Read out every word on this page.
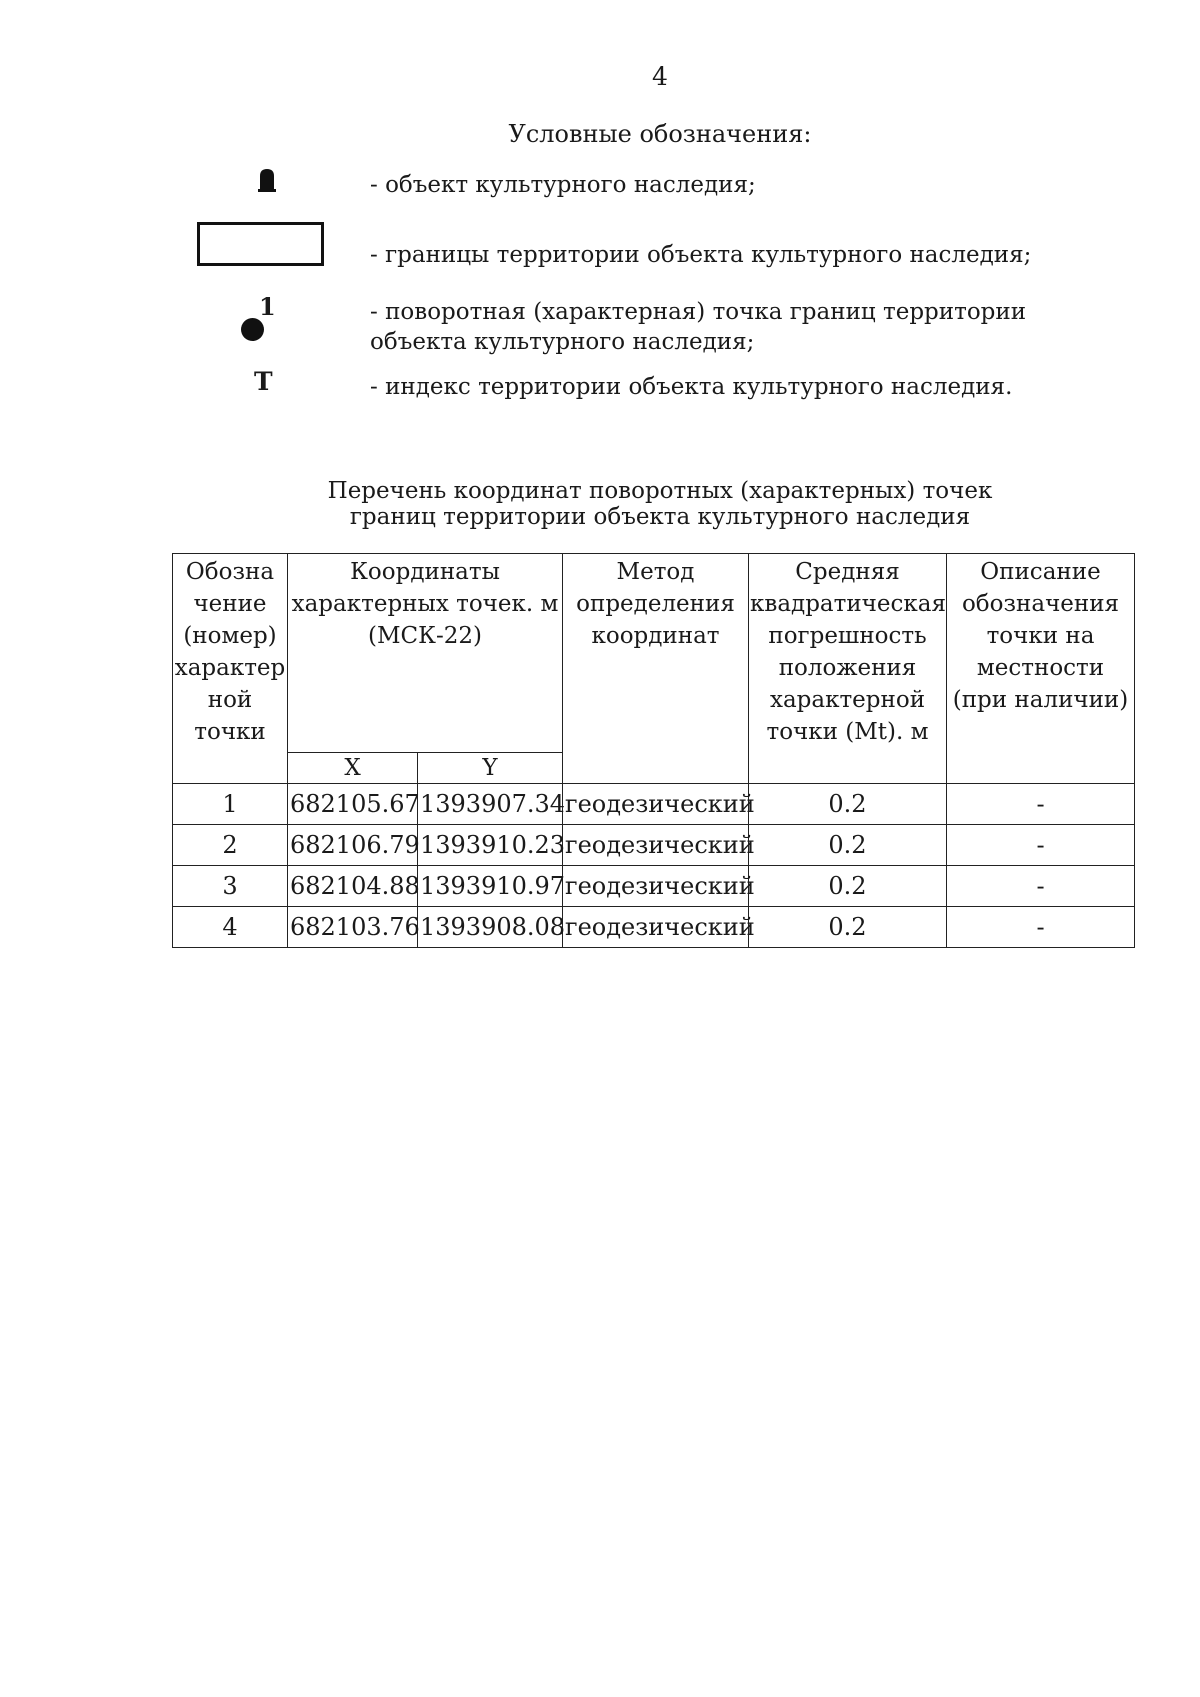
4
Условные обозначения:
- объект культурного наследия;
- границы территории объекта культурного наследия;
1	- поворотная (характерная) точка границ территории объекта культурного наследия;
Т	- индекс территории объекта культурного наследия.
Перечень координат поворотных (характерных) точек
границ территории объекта культурного наследия
Обозна чение (номер) характер ной точки	Координаты характерных точек. м (МСК-22)		Метод определения координат	Средняя квадратическая погрешность положения характерной точки (Mt). м	Описание обозначения точки на местности (при наличии)
	X	Y			
1	682105.67	1393907.34	геодезический	0.2	-
2	682106.79	1393910.23	геодезический	0.2	-
3	682104.88	1393910.97	геодезический	0.2	-
4	682103.76	1393908.08	геодезический	0.2	-
